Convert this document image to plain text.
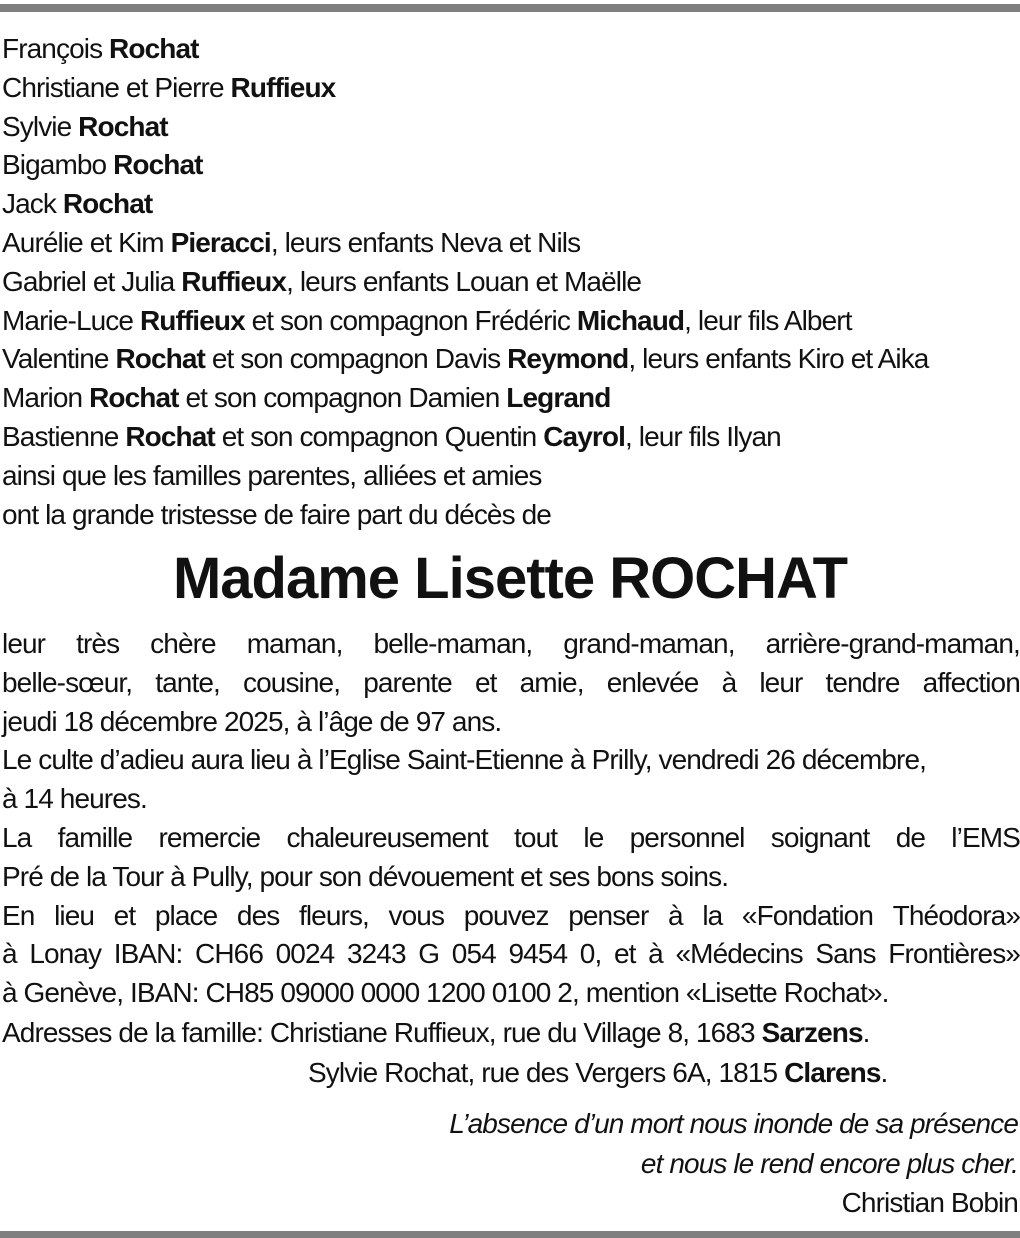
François Rochat
Christiane et Pierre Ruffieux
Sylvie Rochat
Bigambo Rochat
Jack Rochat
Aurélie et Kim Pieracci, leurs enfants Neva et Nils
Gabriel et Julia Ruffieux, leurs enfants Louan et Maëlle
Marie-Luce Ruffieux et son compagnon Frédéric Michaud, leur fils Albert
Valentine Rochat et son compagnon Davis Reymond, leurs enfants Kiro et Aika
Marion Rochat et son compagnon Damien Legrand
Bastienne Rochat et son compagnon Quentin Cayrol, leur fils Ilyan
ainsi que les familles parentes, alliées et amies
ont la grande tristesse de faire part du décès de
Madame Lisette ROCHAT
leur très chère maman, belle-maman, grand-maman, arrière-grand-maman,
belle-sœur, tante, cousine, parente et amie, enlevée à leur tendre affection
jeudi 18 décembre 2025, à l’âge de 97 ans.
Le culte d’adieu aura lieu à l’Eglise Saint-Etienne à Prilly, vendredi 26 décembre,
à 14 heures.
La famille remercie chaleureusement tout le personnel soignant de l’EMS
Pré de la Tour à Pully, pour son dévouement et ses bons soins.
En lieu et place des fleurs, vous pouvez penser à la «Fondation Théodora»
à Lonay IBAN: CH66 0024 3243 G 054 9454 0, et à «Médecins Sans Frontières»
à Genève, IBAN: CH85 09000 0000 1200 0100 2, mention «Lisette Rochat».
Adresses de la famille: Christiane Ruffieux, rue du Village 8, 1683 Sarzens.
Sylvie Rochat, rue des Vergers 6A, 1815 Clarens.
L’absence d’un mort nous inonde de sa présence
et nous le rend encore plus cher.
Christian Bobin
